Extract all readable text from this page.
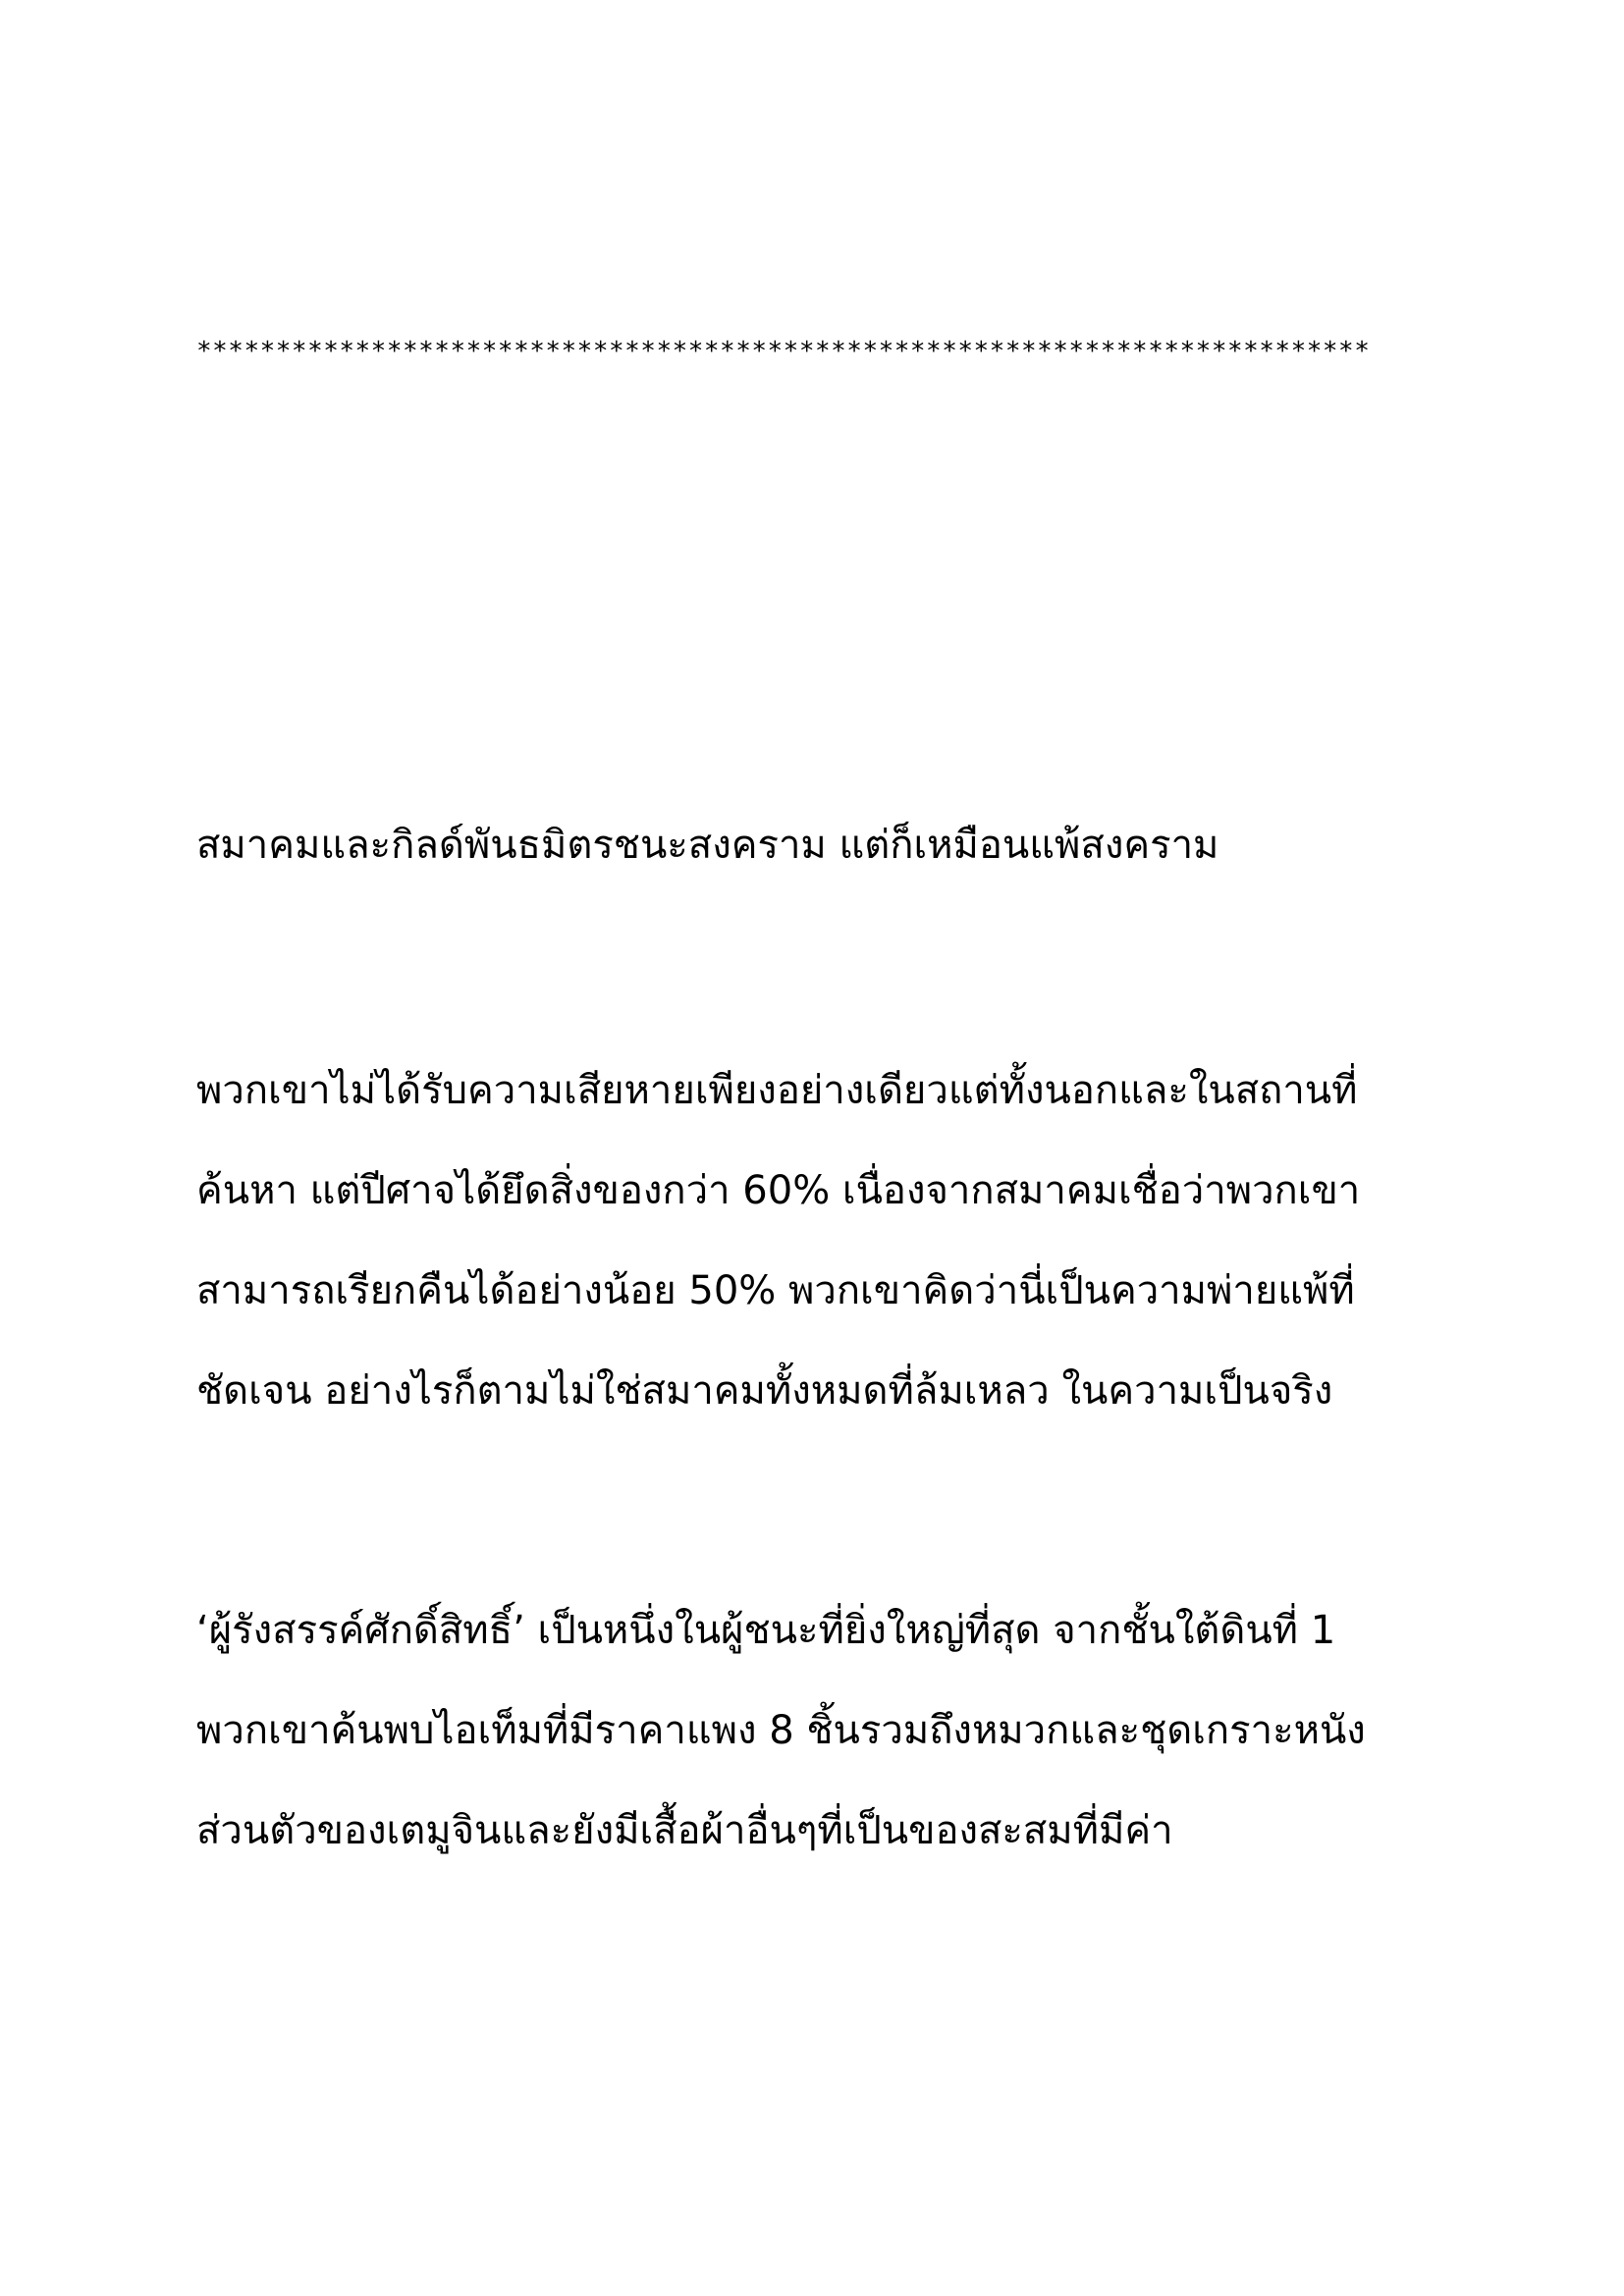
**************************************************************************
สมาคมและกิลด์พันธมิตรชนะสงคราม แต่ก็เหมือนแพ้สงคราม
พวกเขาไม่ได้รับความเสียหายเพียงอย่างเดียวแต่ทั้งนอกและในสถานที่
ค้นหา แต่ปีศาจได้ยึดสิ่งของกว่า 60% เนื่องจากสมาคมเชื่อว่าพวกเขา
สามารถเรียกคืนได้อย่างน้อย 50% พวกเขาคิดว่านี่เป็นความพ่ายแพ้ที่
ชัดเจน อย่างไรก็ตามไม่ใช่สมาคมทั้งหมดที่ล้มเหลว ในความเป็นจริง
‘ผู้รังสรรค์ศักดิ์สิทธิ์’ เป็นหนึ่งในผู้ชนะที่ยิ่งใหญ่ที่สุด จากชั้นใต้ดินที่ 1
พวกเขาค้นพบไอเท็มที่มีราคาแพง 8 ชิ้นรวมถึงหมวกและชุดเกราะหนัง
ส่วนตัวของเตมูจินและยังมีเสื้อผ้าอื่นๆที่เป็นของสะสมที่มีค่า
